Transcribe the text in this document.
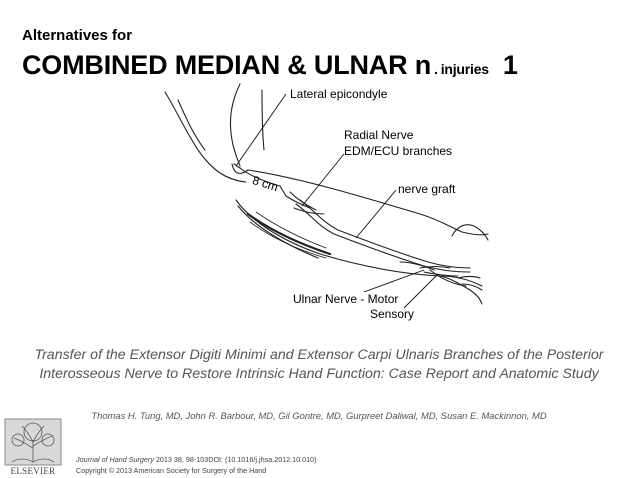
Alternatives for
COMBINED MEDIAN & ULNAR n . injuries 1
Lateral epicondyle
Radial Nerve
EDM/ECU branches
8 cm	nerve graft
Ulnar Nerve - Motor
Sensory
Transfer of the Extensor Digiti Minimi and Extensor Carpi Ulnaris Branches of the Posterior
Interosseous Nerve to Restore Intrinsic Hand Function: Case Report and Anatomic Study
Thomas H. Tung, MD, John R. Barbour, MD, Gil Gontre, MD, Gurpreet Daliwal, MD, Susan E. Mackinnon, MD
ELSEVIER
Journal of Hand Surgery 2013 38, 98-103DOI: (10.1016/j.jhsa.2012.10.010)
Copyright © 2013 American Society for Surgery of the Hand
